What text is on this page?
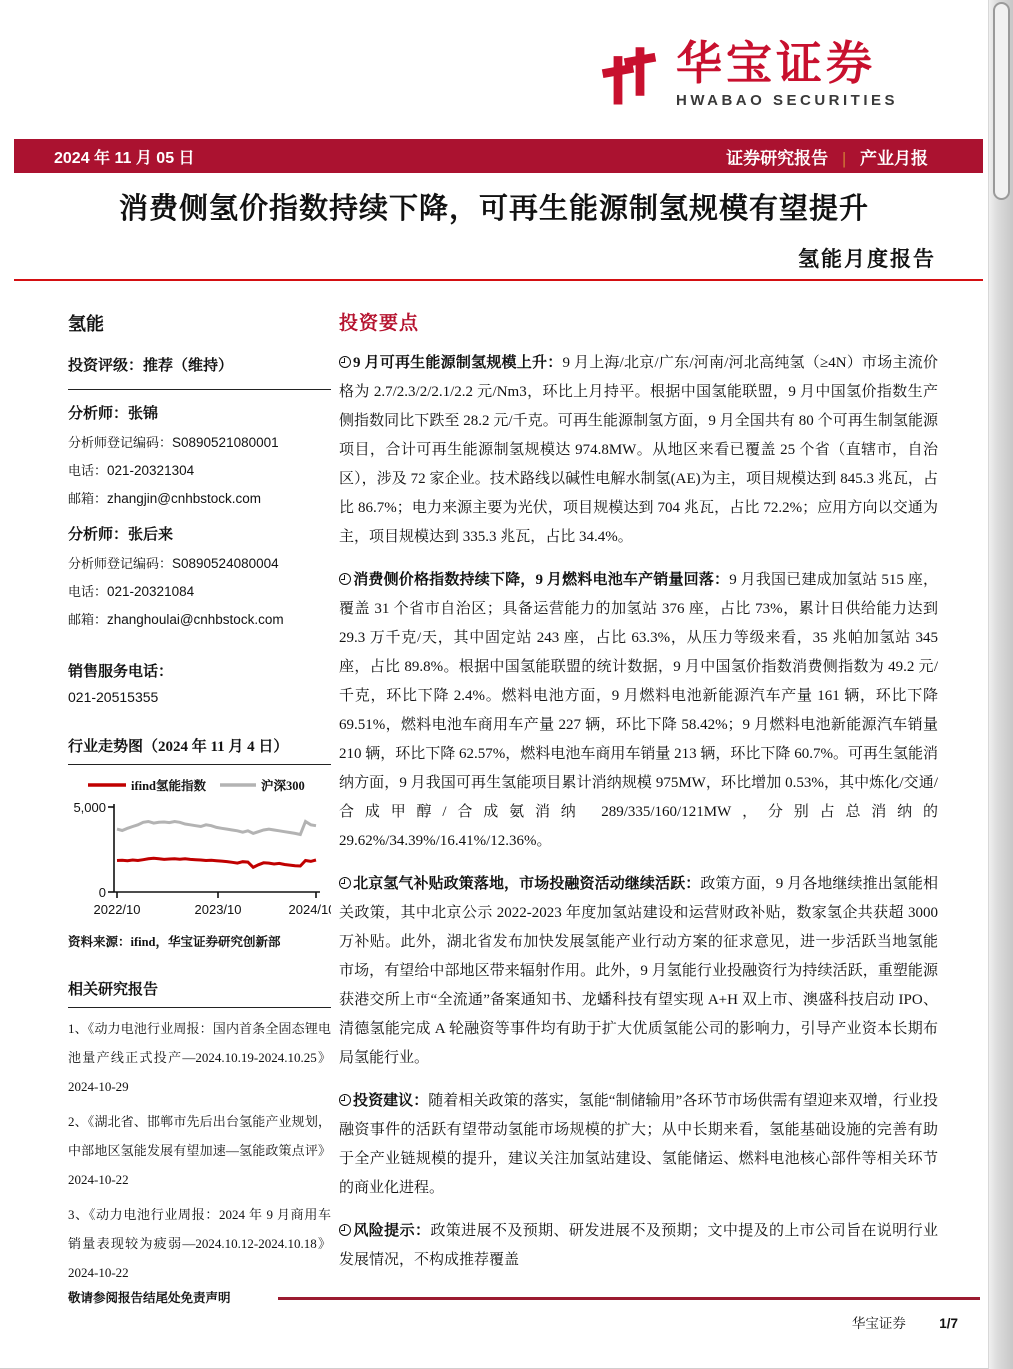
华宝证券
HWABAO SECURITIES
2024 年 11 月 05 日	证券研究报告 | 产业月报
消费侧氢价指数持续下降，可再生能源制氢规模有望提升
氢能月度报告
氢能
投资评级：推荐（维持）
分析师：张锦
分析师登记编码：S0890521080001
电话：021-20321304
邮箱：zhangjin@cnhbstock.com
分析师：张后来
分析师登记编码：S0890524080004
电话：021-20321084
邮箱：zhanghoulai@cnhbstock.com
销售服务电话：
021-20515355
行业走势图（2024 年 11 月 4 日）
ifind氢能指数	沪深300
5,000
0
2022/10	2023/10	2024/10
资料来源：ifind，华宝证券研究创新部
相关研究报告
1、《动力电池行业周报：国内首条全固态锂电池量产线正式投产—2024.10.19-2024.10.25》2024-10-29
2、《湖北省、邯郸市先后出台氢能产业规划，中部地区氢能发展有望加速—氢能政策点评》2024-10-22
3、《动力电池行业周报：2024 年 9 月商用车销量表现较为疲弱—2024.10.12-2024.10.18》2024-10-22
投资要点

9 月可再生能源制氢规模上升：9 月上海/北京/广东/河南/河北高纯氢（≥4N）市场主流价格为 2.7/2.3/2/2.1/2.2 元/Nm3，环比上月持平。根据中国氢能联盟，9 月中国氢价指数生产侧指数同比下跌至 28.2 元/千克。可再生能源制氢方面，9 月全国共有 80 个可再生制氢能源项目，合计可再生能源制氢规模达 974.8MW。从地区来看已覆盖 25 个省（直辖市，自治区），涉及 72 家企业。技术路线以碱性电解水制氢(AE)为主，项目规模达到 845.3 兆瓦，占比 86.7%；电力来源主要为光伏，项目规模达到 704 兆瓦，占比 72.2%；应用方向以交通为主，项目规模达到 335.3 兆瓦，占比 34.4%。

消费侧价格指数持续下降，9 月燃料电池车产销量回落：9 月我国已建成加氢站 515 座，覆盖 31 个省市自治区；具备运营能力的加氢站 376 座，占比 73%，累计日供给能力达到 29.3 万千克/天，其中固定站 243 座，占比 63.3%，从压力等级来看，35 兆帕加氢站 345 座，占比 89.8%。根据中国氢能联盟的统计数据，9 月中国氢价指数消费侧指数为 49.2 元/千克，环比下降 2.4%。燃料电池方面，9 月燃料电池新能源汽车产量 161 辆，环比下降 69.51%，燃料电池车商用车产量 227 辆，环比下降 58.42%；9 月燃料电池新能源汽车销量 210 辆，环比下降 62.57%，燃料电池车商用车销量 213 辆，环比下降 60.7%。可再生氢能消纳方面，9 月我国可再生氢能项目累计消纳规模 975MW，环比增加 0.53%，其中炼化/交通/合成甲醇/合成氨消纳 289/335/160/121MW，分别占总消纳的 29.62%/34.39%/16.41%/12.36%。

北京氢气补贴政策落地，市场投融资活动继续活跃：政策方面，9 月各地继续推出氢能相关政策，其中北京公示 2022-2023 年度加氢站建设和运营财政补贴，数家氢企共获超 3000 万补贴。此外，湖北省发布加快发展氢能产业行动方案的征求意见，进一步活跃当地氢能市场，有望给中部地区带来辐射作用。此外，9 月氢能行业投融资行为持续活跃，重塑能源获港交所上市“全流通”备案通知书、龙蟠科技有望实现 A+H 双上市、澳盛科技启动 IPO、清德氢能完成 A 轮融资等事件均有助于扩大优质氢能公司的影响力，引导产业资本长期布局氢能行业。

投资建议：随着相关政策的落实，氢能“制储输用”各环节市场供需有望迎来双增，行业投融资事件的活跃有望带动氢能市场规模的扩大；从中长期来看，氢能基础设施的完善有助于全产业链规模的提升，建议关注加氢站建设、氢能储运、燃料电池核心部件等相关环节的商业化进程。

风险提示：政策进展不及预期、研发进展不及预期；文中提及的上市公司旨在说明行业发展情况，不构成推荐覆盖

敬请参阅报告结尾处免责声明
华宝证券 1/7
